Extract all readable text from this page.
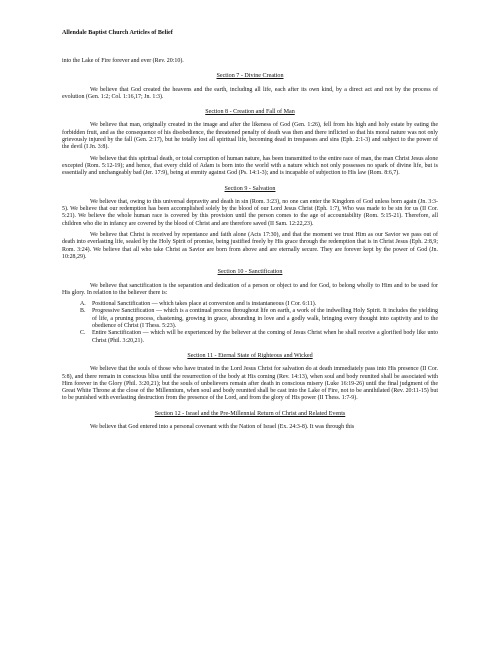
Allendale Baptist Church Articles of Belief

into the Lake of Fire forever and ever (Rev. 20:10).

Section 7 - Divine Creation

We believe that God created the heavens and the earth, including all life, each after its own kind, by a direct act and not by the process of evolution (Gen. 1:2; Col. 1:16,17; Jn. 1:3).

Section 8 - Creation and Fall of Man

We believe that man, originally created in the image and after the likeness of God (Gen. 1:26), fell from his high and holy estate by eating the forbidden fruit, and as the consequence of his disobedience, the threatened penalty of death was then and there inflicted so that his moral nature was not only grievously injured by the fall (Gen. 2:17), but he totally lost all spiritual life, becoming dead in trespasses and sins (Eph. 2:1-3) and subject to the power of the devil (I Jn. 3:8).

We believe that this spiritual death, or total corruption of human nature, has been transmitted to the entire race of man, the man Christ Jesus alone excepted (Rom. 5:12-19); and hence, that every child of Adam is born into the world with a nature which not only possesses no spark of divine life, but is essentially and unchangeably bad (Jer. 17:9), being at enmity against God (Ps. 14:1-3); and is incapable of subjection to His law (Rom. 8:6,7).

Section 9 - Salvation

We believe that, owing to this universal depravity and death in sin (Rom. 3:23), no one can enter the Kingdom of God unless born again (Jn. 3:3-5). We believe that our redemption has been accomplished solely by the blood of our Lord Jesus Christ (Eph. 1:7), Who was made to be sin for us (II Cor. 5:21). We believe the whole human race is covered by this provision until the person comes to the age of accountability (Rom. 5:15-21). Therefore, all children who die in infancy are covered by the blood of Christ and are therefore saved (II Sam. 12:22,23).

We believe that Christ is received by repentance and faith alone (Acts 17:30), and that the moment we trust Him as our Savior we pass out of death into everlasting life, sealed by the Holy Spirit of promise, being justified freely by His grace through the redemption that is in Christ Jesus (Eph. 2:8,9; Rom. 3:24). We believe that all who take Christ as Savior are born from above and are eternally secure. They are forever kept by the power of God (Jn. 10:28,29).

Section 10 - Sanctification

We believe that sanctification is the separation and dedication of a person or object to and for God, to belong wholly to Him and to be used for His glory. In relation to the believer there is:

A. Positional Sanctification — which takes place at conversion and is instantaneous (I Cor. 6:11).

B. Progressive Sanctification — which is a continual process throughout life on earth, a work of the indwelling Holy Spirit. It includes the yielding of life, a pruning process, chastening, growing in grace, abounding in love and a godly walk, bringing every thought into captivity and to the obedience of Christ (I Thess. 5:23).

C. Entire Sanctification — which will be experienced by the believer at the coming of Jesus Christ when he shall receive a glorified body like unto Christ (Phil. 3:20,21).

Section 11 - Eternal State of Righteous and Wicked

We believe that the souls of those who have trusted in the Lord Jesus Christ for salvation do at death immediately pass into His presence (II Cor. 5:8), and there remain in conscious bliss until the resurrection of the body at His coming (Rev. 14:13), when soul and body reunited shall be associated with Him forever in the Glory (Phil. 3:20,21); but the souls of unbelievers remain after death in conscious misery (Luke 16:19-26) until the final judgment of the Great White Throne at the close of the Millennium, when soul and body reunited shall be cast into the Lake of Fire, not to be annihilated (Rev. 20:11-15) but to be punished with everlasting destruction from the presence of the Lord, and from the glory of His power (II Thess. 1:7-9).

Section 12 - Israel and the Pre-Millennial Return of Christ and Related Events

We believe that God entered into a personal covenant with the Nation of Israel (Ex. 24:3-8). It was through this
